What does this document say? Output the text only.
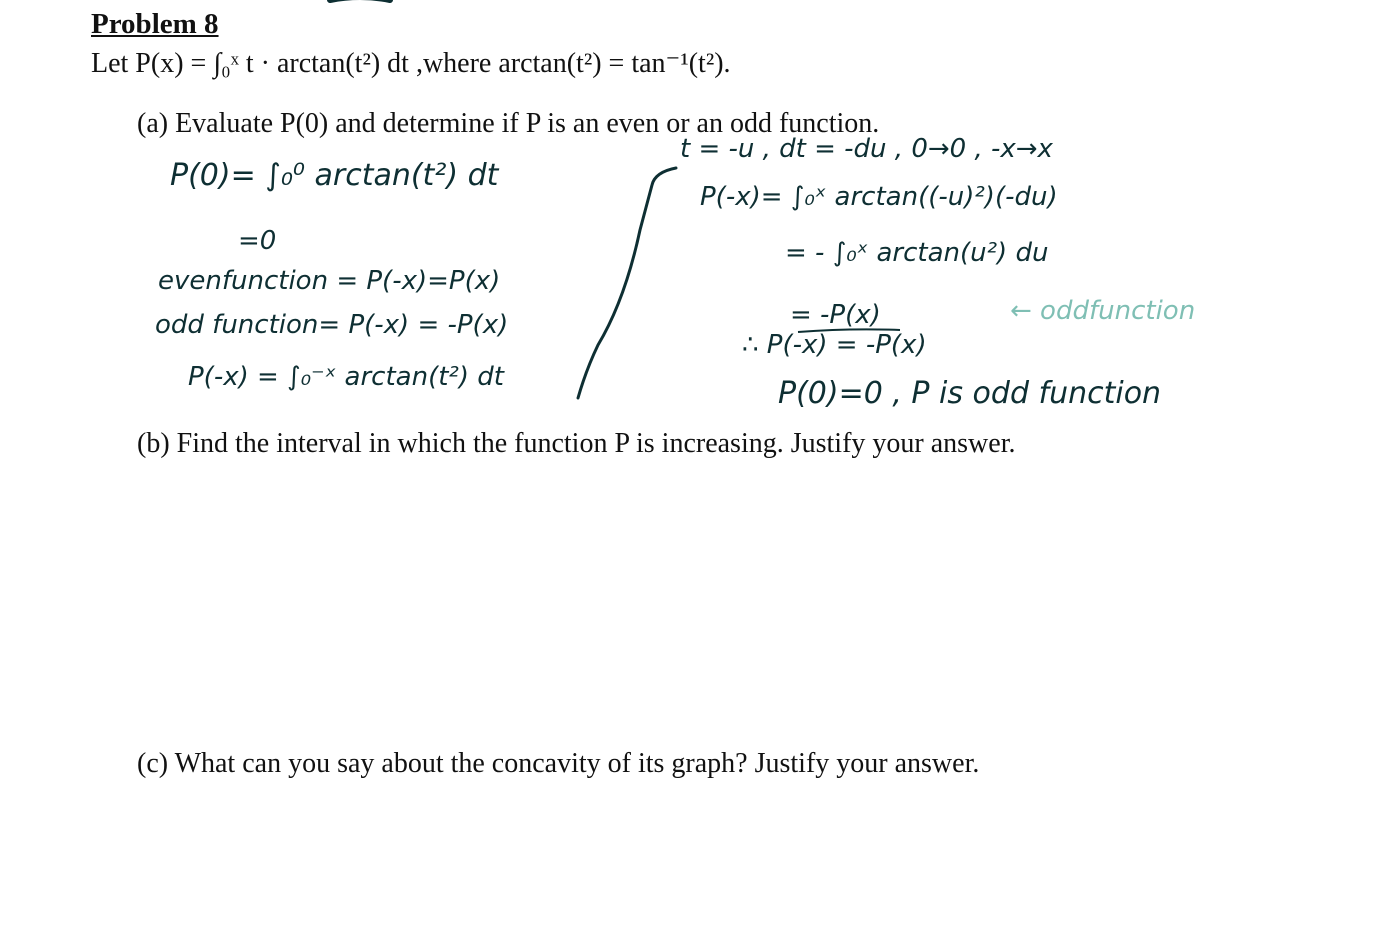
Problem 8
Let P(x) = ∫₀ˣ t · arctan(t²) dt ,where arctan(t²) = tan⁻¹(t²).
(a) Evaluate P(0) and determine if P is an even or an odd function.
P(0)= ∫₀⁰ arctan(t²) dt
=0
evenfunction = P(-x)=P(x)
odd function= P(-x) = -P(x)
P(-x) = ∫₀⁻ˣ arctan(t²) dt
t = -u , dt = -du , 0→0 , -x→x
P(-x)= ∫₀ˣ arctan((-u)²)(-du)
= - ∫₀ˣ arctan(u²) du
= -P(x)
∴ P(-x) = -P(x)
← oddfunction
P(0)=0 , P is odd function
(b) Find the interval in which the function P is increasing. Justify your answer.
(c) What can you say about the concavity of its graph? Justify your answer.
